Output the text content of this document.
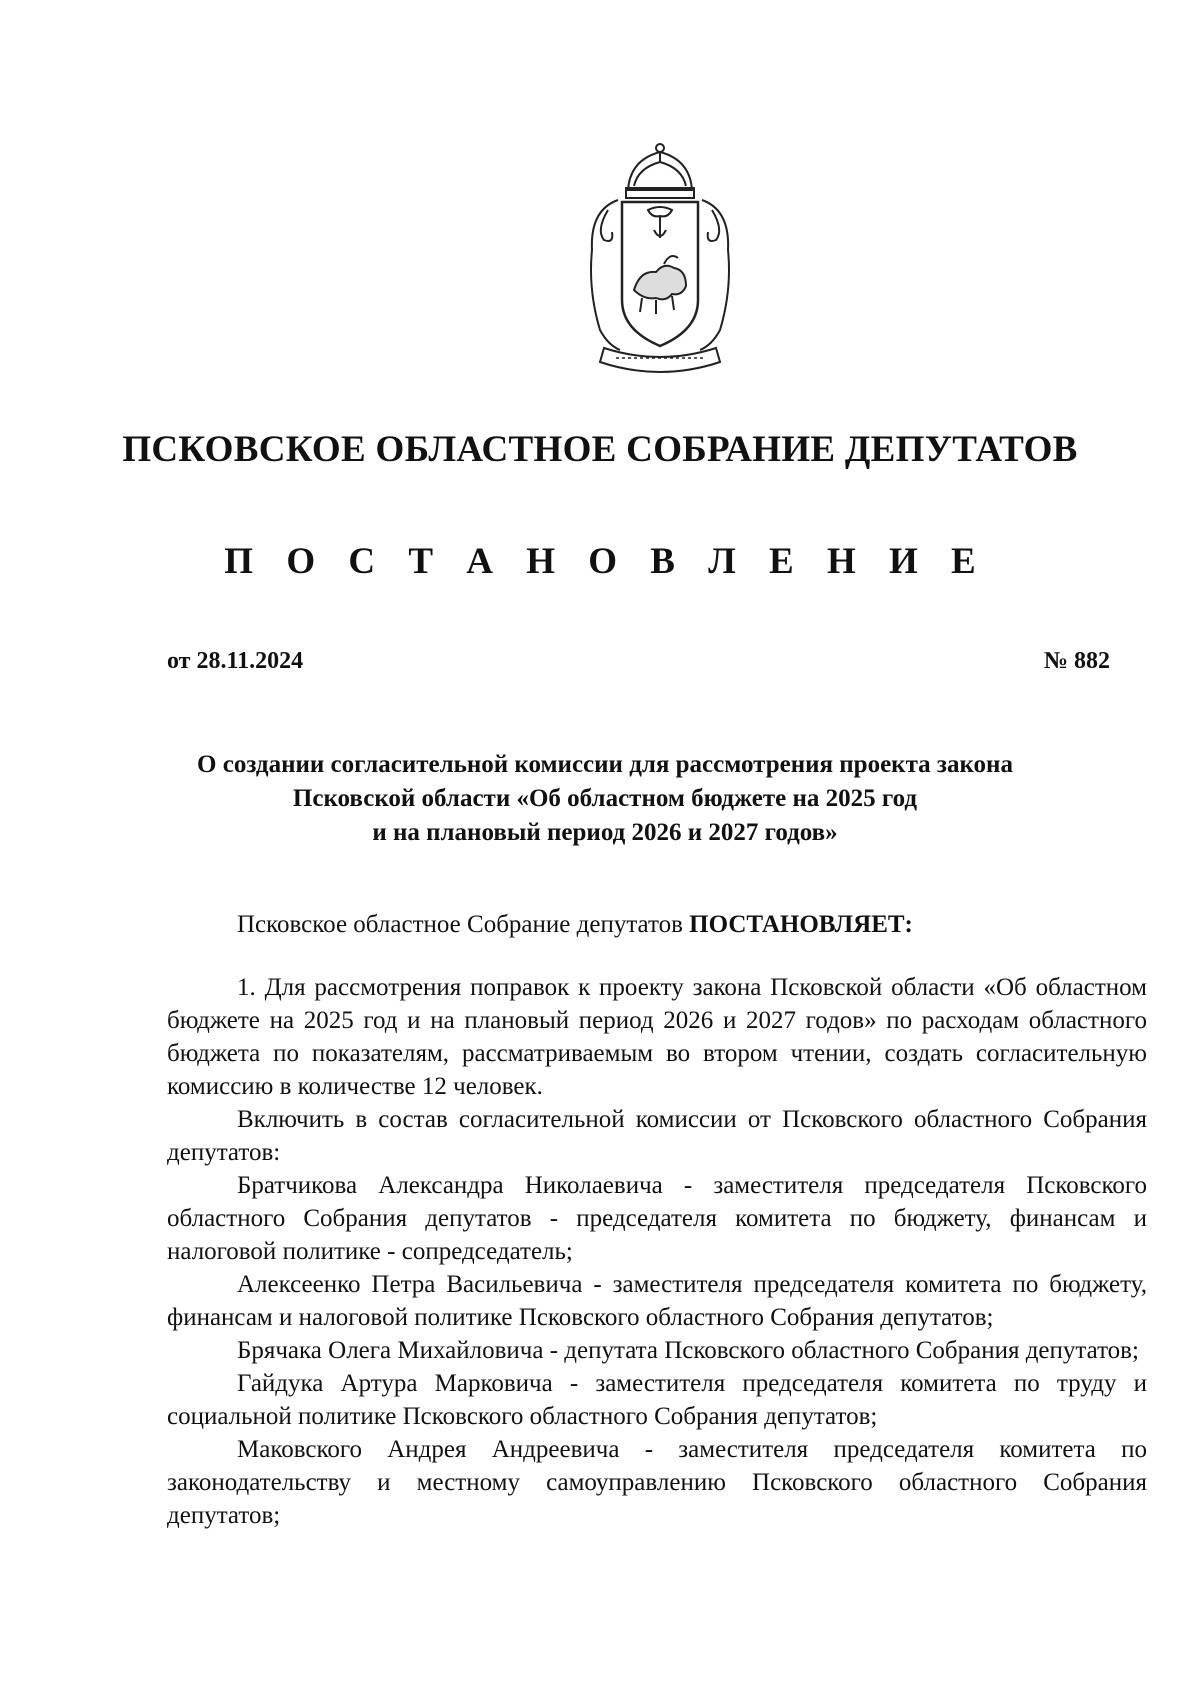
ПСКОВСКОЕ ОБЛАСТНОЕ СОБРАНИЕ ДЕПУТАТОВ
П О С Т А Н О В Л Е Н И Е
от 28.11.2024	№ 882
О создании согласительной комиссии для рассмотрения проекта закона
Псковской области «Об областном бюджете на 2025 год
и на плановый период 2026 и 2027 годов»

Псковское областное Собрание депутатов ПОСТАНОВЛЯЕТ:

1. Для рассмотрения поправок к проекту закона Псковской области «Об областном бюджете на 2025 год и на плановый период 2026 и 2027 годов» по расходам областного бюджета по показателям, рассматриваемым во втором чтении, создать согласительную комиссию в количестве 12 человек.

Включить в состав согласительной комиссии от Псковского областного Собрания депутатов:

Братчикова Александра Николаевича - заместителя председателя Псковского областного Собрания депутатов - председателя комитета по бюджету, финансам и налоговой политике - сопредседатель;

Алексеенко Петра Васильевича - заместителя председателя комитета по бюджету, финансам и налоговой политике Псковского областного Собрания депутатов;

Брячака Олега Михайловича - депутата Псковского областного Собрания депутатов;

Гайдука Артура Марковича - заместителя председателя комитета по труду и социальной политике Псковского областного Собрания депутатов;

Маковского Андрея Андреевича - заместителя председателя комитета по законодательству и местному самоуправлению Псковского областного Собрания депутатов;
